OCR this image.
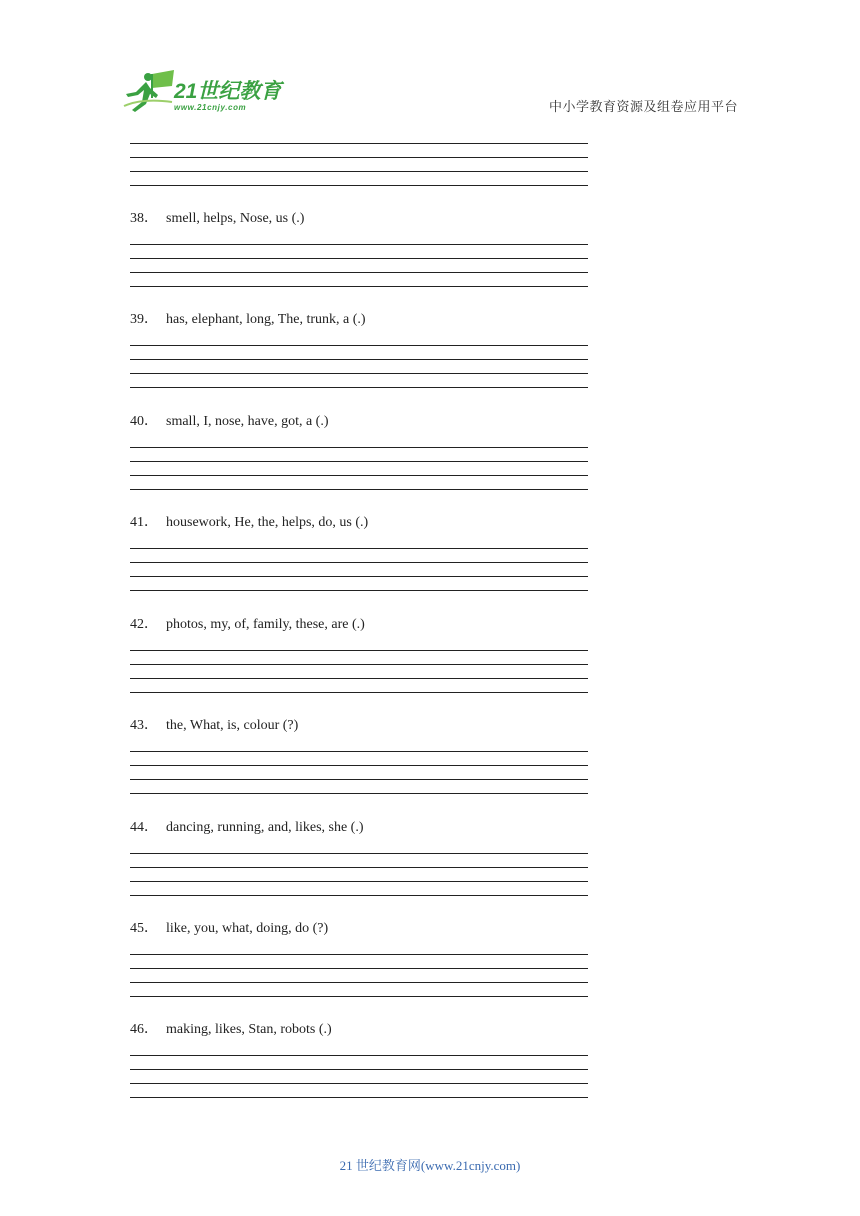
21世纪教育
www.21cnjy.com	中小学教育资源及组卷应用平台
38． smell, helps, Nose, us (.)
39． has, elephant, long, The, trunk, a (.)
40． small, I, nose, have, got, a (.)
41． housework, He, the, helps, do, us (.)
42． photos, my, of, family, these, are (.)
43． the, What, is, colour (?)
44． dancing, running, and, likes, she (.)
45． like, you, what, doing, do (?)
46． making, likes, Stan, robots (.)
21 世纪教育网(www.21cnjy.com)
